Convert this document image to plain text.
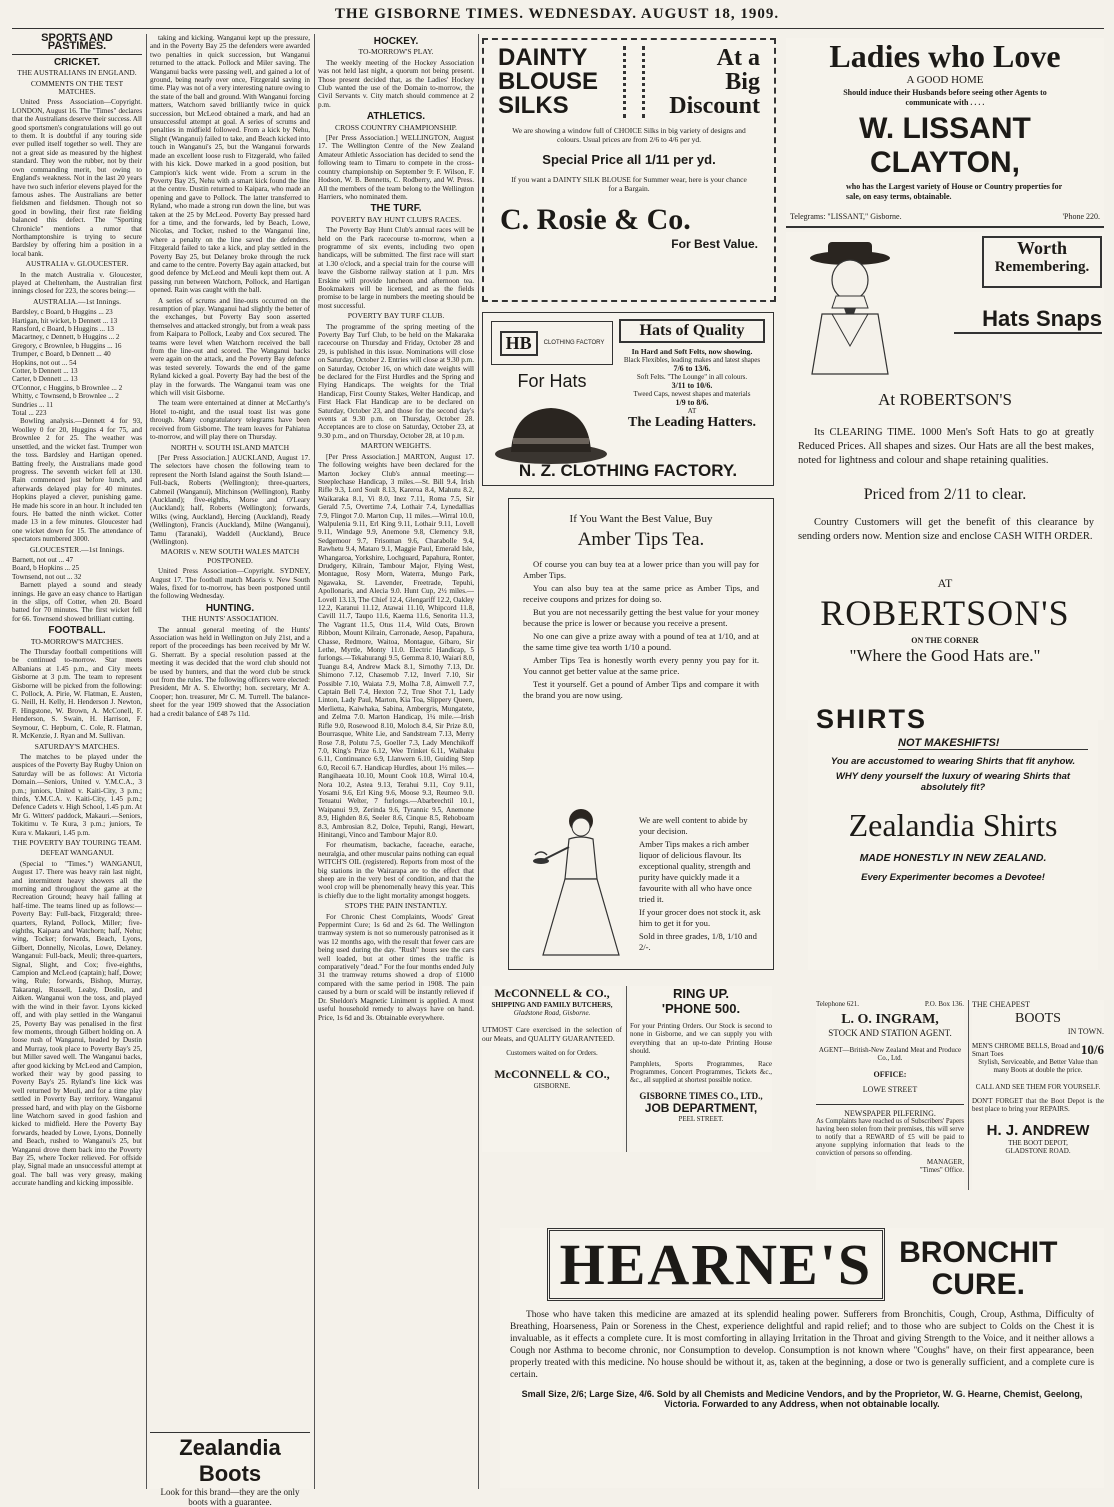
THE GISBORNE TIMES. WEDNESDAY. AUGUST 18, 1909.
SPORTS AND PASTIMES.
CRICKET.
THE AUSTRALIANS IN ENGLAND.
COMMENTS ON THE TEST MATCHES.

United Press Association—Copyright. LONDON, August 16. The "Times" declares that the Australians deserve their success. All good sportsmen's congratulations will go out to them. It is doubtful if any touring side ever pulled itself together so well. They are not a great side as measured by the highest standard. They won the rubber, not by their own commanding merit, but owing to England's weakness. Not in the last 20 years have two such inferior elevens played for the famous ashes. The Australians are better fieldsmen and fieldsmen. Though not so good in bowling, their first rate fielding balanced this defect. The "Sporting Chronicle" mentions a rumor that Northamptonshire is trying to secure Bardsley by offering him a position in a local bank.

AUSTRALIA v. GLOUCESTER.

In the match Australia v. Gloucester, played at Cheltenham, the Australian first innings closed for 223, the scores being:—

AUSTRALIA.—1st Innings.
Bardsley, c Board, b Huggins ... 23
Hartigan, hit wicket, b Dennett ... 13
Ransford, c Board, b Huggins ... 13
Macartney, c Dennett, b Huggins ... 2
Gregory, c Brownlee, b Huggins ... 16
Trumper, c Board, b Dennett ... 40
Hopkins, not out ... 54
Cotter, b Dennett ... 13
Carter, b Dennett ... 13
O'Connor, c Huggins, b Brownlee ... 2
Whitty, c Townsend, b Brownlee ... 2
Sundries ... 11
Total ... 223

Bowling analysis.—Dennett 4 for 93, Woolley 0 for 20, Huggins 4 for 75, and Brownlee 2 for 25. The weather was unsettled, and the wicket fast. Trumper won the toss. Bardsley and Hartigan opened. Batting freely, the Australians made good progress. The seventh wicket fell at 130. Rain commenced just before lunch, and afterwards delayed play for 40 minutes. Hopkins played a clever, punishing game. He made his score in an hour. It included ten fours. He batted the ninth wicket. Cotter made 13 in a few minutes. Gloucester had one wicket down for 15. The attendance of spectators numbered 3000.

GLOUCESTER.—1st Innings.
Barnett, not out ... 47
Board, b Hopkins ... 25
Townsend, not out ... 32

Barnett played a sound and steady innings. He gave an easy chance to Hartigan in the slips, off Cotter, when 20. Board batted for 70 minutes. The first wicket fell for 66. Townsend showed brilliant cutting.

FOOTBALL.
TO-MORROW'S MATCHES.

The Thursday football competitions will be continued to-morrow. Star meets Albanians at 1.45 p.m., and City meets Gisborne at 3 p.m. The team to represent Gisborne will be picked from the following: C. Pollock, A. Pirie, W. Flatman, E. Austen, G. Neill, H. Kelly, H. Henderson J. Newton, F. Hingstone, W. Brown, A. McConell, F. Henderson, S. Swain, H. Harrison, F. Seymour, C. Hepburn, C. Cole, R. Flatman, R. McKenzie, J. Ryan and M. Sullivan.

SATURDAY'S MATCHES.

The matches to be played under the auspices of the Poverty Bay Rugby Union on Saturday will be as follows: At Victoria Domain.—Seniors, United v. Y.M.C.A., 3 p.m.; juniors, United v. Kaiti-City, 3 p.m.; thirds, Y.M.C.A. v. Kaiti-City, 1.45 p.m.; Defence Cadets v. High School, 1.45 p.m. At Mr G. Witters' paddock, Makauri.—Seniors, Tokitimu v. Te Kura, 3 p.m.; juniors, Te Kura v. Makauri, 1.45 p.m.

THE POVERTY BAY TOURING TEAM.
DEFEAT WANGANUI.

(Special to "Times.") WANGANUI, August 17. There was heavy rain last night, and intermittent heavy showers all the morning and throughout the game at the Recreation Ground; heavy hail falling at half-time. The teams lined up as follows:— Poverty Bay: Full-back, Fitzgerald; three-quarters, Ryland, Pollock, Miller; five-eighths, Kaipara and Watchorn; half, Nehu; wing, Tocker; forwards, Beach, Lyons, Gilbert, Donnelly, Nicolas, Lowe, Delaney. Wanganui: Full-back, Meuli; three-quarters, Signal, Slight, and Cox; five-eighths, Campion and McLeod (captain); half, Dowe; wing, Rule; forwards, Bishop, Murray, Takarangi, Russell, Leaby, Doslin, and Aitken. Wanganui won the toss, and played with the wind in their favor. Lyons kicked off, and with play settled in the Wanganui 25, Poverty Bay was penalised in the first few moments, through Gilbert holding on. A loose rush of Wanganui, headed by Dustin and Murray, took place to Poverty Bay's 25, but Miller saved well. The Wanganui backs, after good kicking by McLeod and Campion, worked their way by good passing to Poverty Bay's 25. Ryland's line kick was well returned by Meuli, and for a time play settled in Poverty Bay territory. Wanganui pressed hard, and with play on the Gisborne line Watchorn saved in good fashion and kicked to midfield. Here the Poverty Bay forwards, headed by Lowe, Lyons, Donnelly and Beach, rushed to Wanganui's 25, but Wanganui drove them back into the Poverty Bay 25, where Tocker relieved. For offside play, Signal made an unsuccessful attempt at goal. The ball was very greasy, making accurate handling and kicking impossible.

taking and kicking. Wanganui kept up the pressure, and in the Poverty Bay 25 the defenders were awarded two penalties in quick succession, but Wanganui returned to the attack. Pollock and Miler saving. The Wanganui backs were passing well, and gained a lot of ground, being nearly over once, Fitzgerald saving in time. Play was not of a very interesting nature owing to the state of the ball and ground. With Wanganui forcing matters, Watchorn saved brilliantly twice in quick succession, but McLeod obtained a mark, and had an unsuccessful attempt at goal. A series of scrums and penalties in midfield followed. From a kick by Nehu, Slight (Wanganui) failed to take, and Beach kicked into touch in Wanganui's 25, but the Wanganui forwards made an excellent loose rush to Fitzgerald, who failed with his kick. Dowe marked in a good position, but Campion's kick went wide. From a scrum in the Poverty Bay 25, Nehu with a smart kick found the line at the centre. Dustin returned to Kaipara, who made an opening and gave to Pollock. The latter transferred to Ryland, who made a strong run down the line, but was taken at the 25 by McLeod. Poverty Bay pressed hard for a time, and the forwards, led by Beach, Lowe, Nicolas, and Tocker, rushed to the Wanganui line, where a penalty on the line saved the defenders. Fitzgerald failed to take a kick, and play settled in the Poverty Bay 25, but Delaney broke through the ruck and came to the centre. Poverty Bay again attacked, but good defence by McLeod and Meuli kept them out. A passing run between Watchorn, Pollock, and Hartigan opened. Rain was caught with the ball.

A series of scrums and line-outs occurred on the resumption of play. Wanganui had slightly the better of the exchanges, but Poverty Bay soon asserted themselves and attacked strongly, but from a weak pass from Kaipara to Pollock, Leaby and Cox secured. The teams were level when Watchorn received the ball from the line-out and scored. The Wanganui backs were again on the attack, and the Poverty Bay defence was tested severely. Towards the end of the game Ryland kicked a goal. Poverty Bay had the best of the play in the forwards. The Wanganui team was one which will visit Gisborne.

The team were entertained at dinner at McCarthy's Hotel to-night, and the usual toast list was gone through. Many congratulatory telegrams have been received from Gisborne. The team leaves for Pahiatua to-morrow, and will play there on Thursday.

NORTH v. SOUTH ISLAND MATCH

[Per Press Association.] AUCKLAND, August 17. The selectors have chosen the following team to represent the North Island against the South Island:—Full-back, Roberts (Wellington); three-quarters, Cabmeil (Wanganui), Mitchinson (Wellington), Ranby (Auckland); five-eighths, Morse and O'Leary (Auckland); half, Roberts (Wellington); forwards, Wilks (wing, Auckland), Hercing (Auckland), Ready (Wellington), Francis (Auckland), Milne (Wanganui), Tamu (Taranaki), Waddell (Auckland), Bruce (Wellington).

MAORIS v. NEW SOUTH WALES MATCH POSTPONED.

United Press Association—Copyright. SYDNEY, August 17. The football match Maoris v. New South Wales, fixed for to-morrow, has been postponed until the following Wednesday.

HUNTING.
THE HUNTS' ASSOCIATION.

The annual general meeting of the Hunts' Association was held in Wellington on July 21st, and a report of the proceedings has been received by Mr W. G. Sherratt. By a special resolution passed at the meeting it was decided that the word club should not be used by hunters, and that the word club be struck out from the rules. The following officers were elected: President, Mr A. S. Elworthy; hon. secretary, Mr A. Cooper; hon. treasurer, Mr C. M. Turrell. The balance-sheet for the year 1909 showed that the Association had a credit balance of £48 7s 11d.

Zealandia Boots
Look for this brand—they are the only boots with a guarantee.
HOCKEY.
TO-MORROW'S PLAY.

The weekly meeting of the Hockey Association was not held last night, a quorum not being present. Those present decided that, as the Ladies' Hockey Club wanted the use of the Domain to-morrow, the Civil Servants v. City match should commence at 2 p.m.

ATHLETICS.
CROSS COUNTRY CHAMPIONSHIP.

[Per Press Association.] WELLINGTON, August 17. The Wellington Centre of the New Zealand Amateur Athletic Association has decided to send the following team to Timaru to compete in the cross-country championship on September 9: F. Wilson, F. Hodson, W. B. Bennetts, C. Rodberry, and W. Press. All the members of the team belong to the Wellington Harriers, who nominated them.

THE TURF.
POVERTY BAY HUNT CLUB'S RACES.

The Poverty Bay Hunt Club's annual races will be held on the Park racecourse to-morrow, when a programme of six events, including two open handicaps, will be submitted. The first race will start at 1.30 o'clock, and a special train for the course will leave the Gisborne railway station at 1 p.m. Mrs Erskine will provide luncheon and afternoon tea. Bookmakers will be licensed, and as the fields promise to be large in numbers the meeting should be most successful.

POVERTY BAY TURF CLUB.

The programme of the spring meeting of the Poverty Bay Turf Club, to be held on the Makaraka racecourse on Thursday and Friday, October 28 and 29, is published in this issue. Nominations will close on Saturday, October 2. Entries will close at 9.30 p.m. on Saturday, October 16, on which date weights will be declared for the First Hurdles and the Spring and Flying Handicaps. The weights for the Trial Handicap, First County Stakes, Welter Handicap, and First Hack Flat Handicap are to be declared on Saturday, October 23, and those for the second day's events at 9.30 p.m. on Thursday, October 28. Acceptances are to close on Saturday, October 23, at 9.30 p.m., and on Thursday, October 28, at 10 p.m.

MARTON WEIGHTS.

[Per Press Association.] MARTON, August 17. The following weights have been declared for the Marton Jockey Club's annual meeting:— Steeplechase Handicap, 3 miles.—St. Bill 9.4, Irish Rifle 9.3, Lord Soult 8.13, Kareroa 8.4, Mahutu 8.2, Waikaraka 8.1, Vi 8.0, Inez 7.11, Roma 7.5, Sir Gerald 7.5, Overtime 7.4, Lothair 7.4, Lynedallias 7.9, Flingot 7.0. Marton Cup, 11 miles.—Wirral 10.0, Walpulenia 9.11, Erl King 9.11, Lothair 9.11, Lovell 9.11, Windage 9.9, Anemone 9.8, Clemency 9.8, Sedgemoor 9.7, Frisoman 9.6, Charabolle 9.4, Rawhetu 9.4, Mataro 9.1, Maggie Paul, Emerald Isle, Whangaroa, Yorkshire, Lochguard, Papahura, Ronter, Drudgery, Kilrain, Tambour Major, Flying West, Montague, Rosy Morn, Waterra, Mungo Park, Ngawaka, St. Lavender, Freetrade, Tepuhi, Apollonaris, and Alecia 9.0. Hunt Cup, 2½ miles.—Lovell 13.13, The Chief 12.4, Glengariff 12.2, Oakley 12.2, Karanui 11.12, Atawai 11.10, Whipcord 11.8, Cavill 11.7, Taupo 11.6, Kaema 11.6, Senorita 11.3, The Vagrant 11.5, Otus 11.4, Wild Oats, Brown Ribbon, Mount Kilrain, Carronade, Aesop, Papahura, Chasse, Redmore, Waitoa, Montague, Gibaro, Sir Lethe, Myrtle, Monty 11.0. Electric Handicap, 5 furlongs.—Tekahurangi 9.5, Gemma 8.10, Waiari 8.0, Tuangu 8.4, Andrew Mack 8.1, Sirnothy 7.13, Dr. Shimono 7.12, Chasemob 7.12, Inverl 7.10, Sir Possible 7.10, Waiata 7.9, Molha 7.8, Aimwell 7.7, Captain Bell 7.4, Hexton 7.2, True Shot 7.1, Lady Linton, Lady Paul, Marton, Kia Toa, Slippery Queen, Merlietta, Kaiwhaka, Sabina, Ambergris, Mungatete, and Zelma 7.0. Marton Handicap, 1¼ mile.—Irish Rifle 9.0, Rosewood 8.10, Moloch 8.4, Sir Prize 8.0, Bourrasque, White Lie, and Sandstream 7.13, Merry Rose 7.8, Polutu 7.5, Goeller 7.3, Lady Menchikoff 7.0, King's Prize 6.12, Wee Trinket 6.11, Waihaku 6.11, Continuance 6.9, Llanwern 6.10, Guiding Step 6.0, Recoil 6.7. Handicap Hurdles, about 1½ miles.—Rangihaeata 10.10, Mount Cook 10.8, Wirral 10.4, Nora 10.2, Astea 9.13, Terahui 9.11, Coy 9.11, Yosami 9.6, Erl King 9.6, Moose 9.3, Reumeo 9.0. Tetuatui Welter, 7 furlongs.—Abarbrechtil 10.1, Waipanui 9.9, Zerinda 9.6, Tyrannic 9.5, Anemone 8.9, Highden 8.6, Seeler 8.6, Cinque 8.5, Rehoboam 8.3, Ambrosian 8.2, Dolce, Tepuhi, Rangi, Hewart, Hinitangi, Vinco and Tambour Major 8.0.

For rheumatism, backache, faceache, earache, neuralgia, and other muscular pains nothing can equal WITCH'S OIL (registered). Reports from most of the big stations in the Wairarapa are to the effect that sheep are in the very best of condition, and that the wool crop will be phenomenally heavy this year. This is chiefly due to the light mortality amongst hoggets.

STOPS THE PAIN INSTANTLY.

For Chronic Chest Complaints, Woods' Great Peppermint Cure; 1s 6d and 2s 6d. The Wellington tramway system is not so numerously patronised as it was 12 months ago, with the result that fewer cars are being used during the day. "Rush" hours see the cars well loaded, but at other times the traffic is comparatively "dead." For the four months ended July 31 the tramway returns showed a drop of £1000 compared with the same period in 1908. The pain caused by a burn or scald will be instantly relieved if Dr. Sheldon's Magnetic Liniment is applied. A most useful household remedy to always have on hand. Price, 1s 6d and 3s. Obtainable everywhere.

DAINTY
BLOUSE
SILKS
At a
Big
Discount
We are showing a window full of CHOICE Silks in big variety of designs and colours. Usual prices are from 2/6 to 4/6 per yd.
Special Price all 1/11 per yd.
If you want a DAINTY SILK BLOUSE for Summer wear, here is your chance for a Bargain.
C. Rosie & Co.
For Best Value.
HB	CLOTHING FACTORY
For Hats
Hats of Quality
In Hard and Soft Felts, now showing.
Black Flexibles, leading makes and latest shapes
7/6 to 13/6.
Soft Felts. "The Lounge" in all colours.
3/11 to 10/6.
Tweed Caps, newest shapes and materials
1/9 to 8/6.
AT
The Leading Hatters.
N. Z. CLOTHING FACTORY.
If You Want the Best Value, Buy
Amber Tips Tea.

Of course you can buy tea at a lower price than you will pay for Amber Tips.

You can also buy tea at the same price as Amber Tips, and receive coupons and prizes for doing so.

But you are not necessarily getting the best value for your money because the price is lower or because you receive a present.

No one can give a prize away with a pound of tea at 1/10, and at the same time give tea worth 1/10 a pound.

Amber Tips Tea is honestly worth every penny you pay for it. You cannot get better value at the same price.

Test it yourself. Get a pound of Amber Tips and compare it with the brand you are now using.

We are well content to abide by your decision.

Amber Tips makes a rich amber liquor of delicious flavour. Its exceptional quality, strength and purity have quickly made it a favourite with all who have once tried it.

If your grocer does not stock it, ask him to get it for you.

Sold in three grades, 1/8, 1/10 and 2/-.

McCONNELL & CO.,
SHIPPING AND FAMILY BUTCHERS,
Gladstone Road, Gisborne.
UTMOST Care exercised in the selection of our Meats, and QUALITY GUARANTEED.
Customers waited on for Orders.
McCONNELL & CO.,
GISBORNE.
RING UP.
'PHONE 500.
For your Printing Orders. Our Stock is second to none in Gisborne, and we can supply you with everything that an up-to-date Printing House should.
Pamphlets, Sports Programmes, Race Programmes, Concert Programmes, Tickets &c., &c., all supplied at shortest possible notice.
GISBORNE TIMES CO., LTD.,
JOB DEPARTMENT,
PEEL STREET.
Ladies who Love
A GOOD HOME
Should induce their Husbands before seeing other Agents to communicate with . . . .
W. LISSANT CLAYTON,
who has the Largest variety of House or Country properties for sale, on easy terms, obtainable.
Telegrams: "LISSANT," Gisborne.	'Phone 220.
Worth
Remembering.
Hats Snaps
At ROBERTSON'S
Its CLEARING TIME. 1000 Men's Soft Hats to go at greatly Reduced Prices. All shapes and sizes. Our Hats are all the best makes, noted for lightness and colour and shape retaining qualities.
Priced from 2/11 to clear.
Country Customers will get the benefit of this clearance by sending orders now. Mention size and enclose CASH WITH ORDER.
AT
ROBERTSON'S
ON THE CORNER
"Where the Good Hats are."
SHIRTS
NOT MAKESHIFTS!
You are accustomed to wearing Shirts that fit anyhow.
WHY deny yourself the luxury of wearing Shirts that absolutely fit?
Zealandia Shirts
MADE HONESTLY IN NEW ZEALAND.
Every Experimenter becomes a Devotee!
Telephone 621.	P.O. Box 136.
L. O. INGRAM,
STOCK AND STATION AGENT.
AGENT—British-New Zealand Meat and Produce Co., Ltd.
OFFICE:
LOWE STREET
NEWSPAPER PILFERING.
As Complaints have reached us of Subscribers' Papers having been stolen from their premises, this will serve to notify that a REWARD of £5 will be paid to anyone supplying information that leads to the conviction of persons so offending.
MANAGER,
"Times" Office.
THE CHEAPEST
BOOTS
IN TOWN.
MEN'S CHROME BELLS, Broad and Smart Toes	10/6
Stylish, Serviceable, and Better Value than many Boots at double the price.
CALL AND SEE THEM FOR YOURSELF.
DON'T FORGET that the Boot Depot is the best place to bring your REPAIRS.
H. J. ANDREW
THE BOOT DEPOT,
GLADSTONE ROAD.
HEARNE'S BRONCHIT
CURE.
Those who have taken this medicine are amazed at its splendid healing power. Sufferers from Bronchitis, Cough, Croup, Asthma, Difficulty of Breathing, Hoarseness, Pain or Soreness in the Chest, experience delightful and rapid relief; and to those who are subject to Colds on the Chest it is invaluable, as it effects a complete cure. It is most comforting in allaying Irritation in the Throat and giving Strength to the Voice, and it neither allows a Cough nor Asthma to become chronic, nor Consumption to develop. Consumption is not known where "Coughs" have, on their first appearance, been properly treated with this medicine. No house should be without it, as, taken at the beginning, a dose or two is generally sufficient, and a complete cure is certain.
Small Size, 2/6; Large Size, 4/6. Sold by all Chemists and Medicine Vendors, and by the Proprietor, W. G. Hearne, Chemist, Geelong, Victoria. Forwarded to any Address, when not obtainable locally.
